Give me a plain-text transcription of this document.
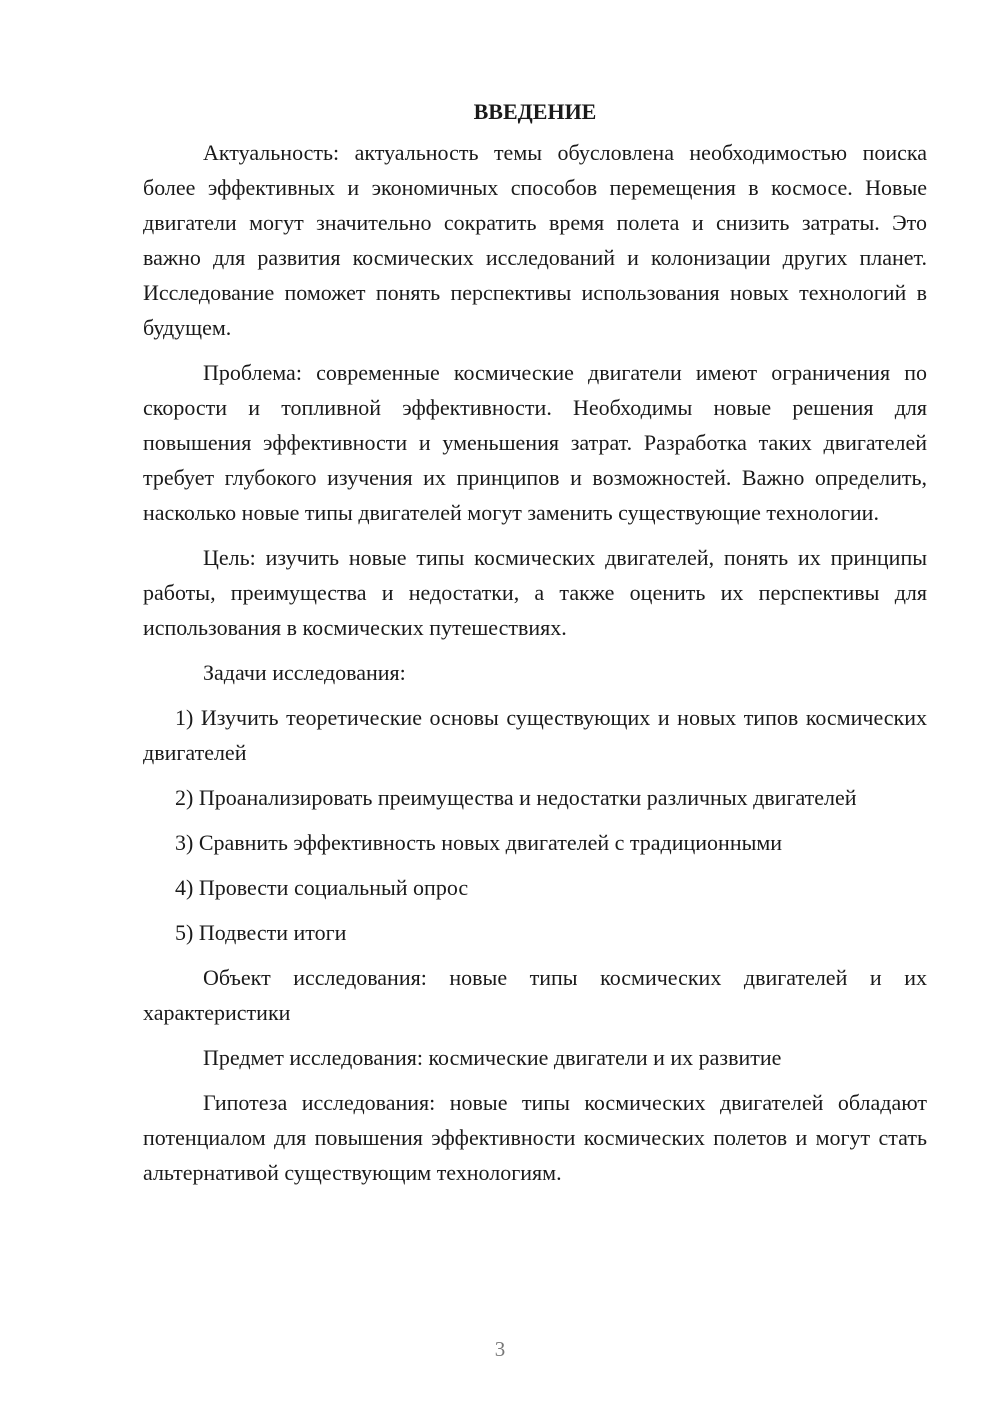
ВВЕДЕНИЕ

Актуальность: актуальность темы обусловлена необходимостью поиска более эффективных и экономичных способов перемещения в космосе. Новые двигатели могут значительно сократить время полета и снизить затраты. Это важно для развития космических исследований и колонизации других планет. Исследование поможет понять перспективы использования новых технологий в будущем.

Проблема: современные космические двигатели имеют ограничения по скорости и топливной эффективности. Необходимы новые решения для повышения эффективности и уменьшения затрат. Разработка таких двигателей требует глубокого изучения их принципов и возможностей. Важно определить, насколько новые типы двигателей могут заменить существующие технологии.

Цель: изучить новые типы космических двигателей, понять их принципы работы, преимущества и недостатки, а также оценить их перспективы для использования в космических путешествиях.

Задачи исследования:

1) Изучить теоретические основы существующих и новых типов космических двигателей

2) Проанализировать преимущества и недостатки различных двигателей

3) Сравнить эффективность новых двигателей с традиционными

4) Провести социальный опрос

5) Подвести итоги

Объект исследования: новые типы космических двигателей и их характеристики

Предмет исследования: космические двигатели и их развитие

Гипотеза исследования: новые типы космических двигателей обладают потенциалом для повышения эффективности космических полетов и могут стать альтернативой существующим технологиям.

3
